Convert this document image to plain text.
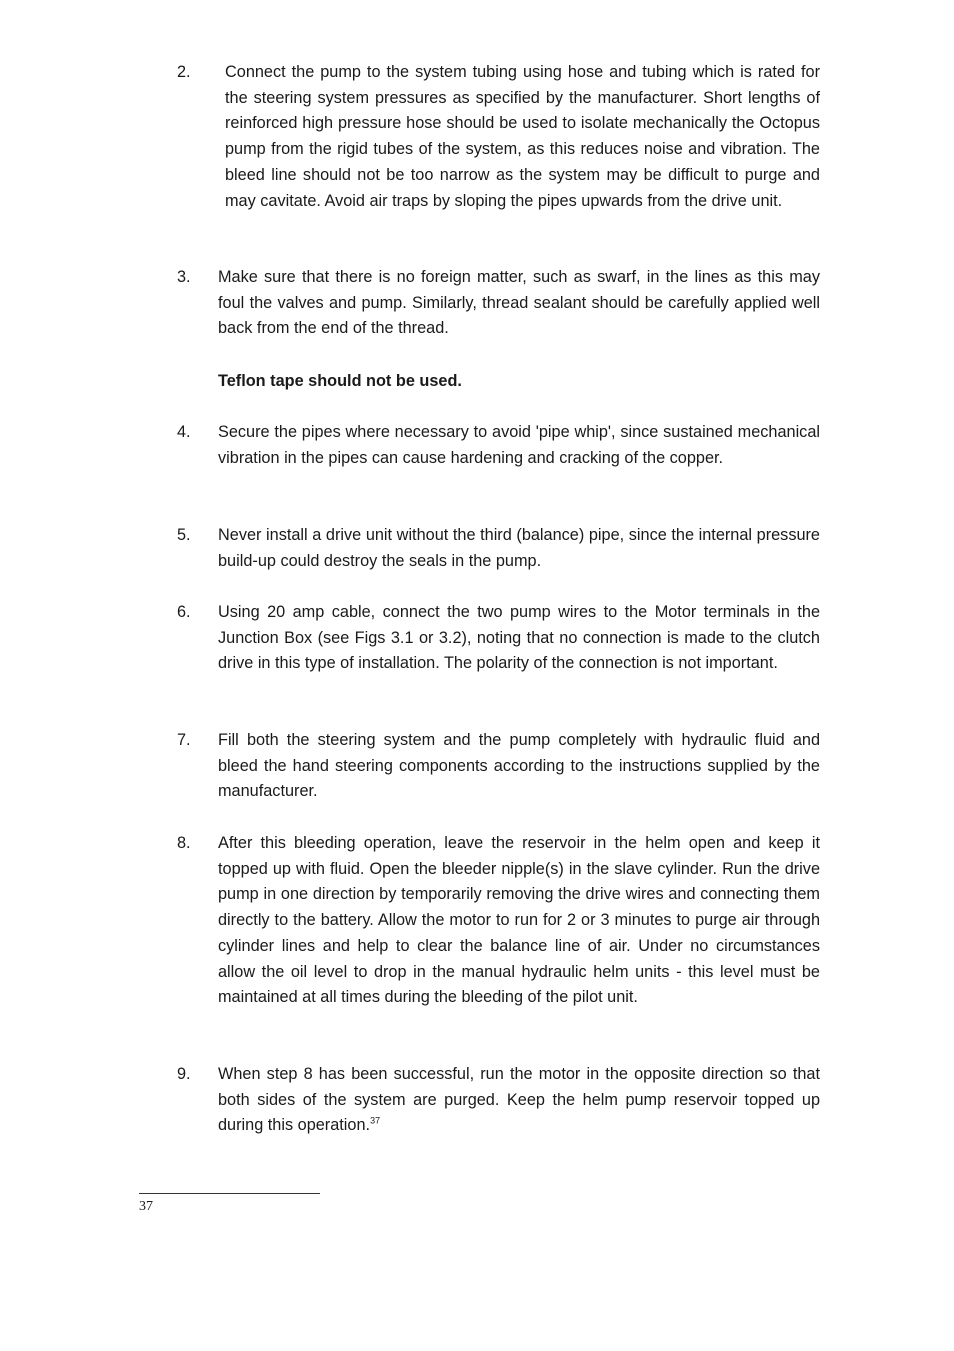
2. Connect the pump to the system tubing using hose and tubing which is rated for the steering system pressures as specified by the manufacturer. Short lengths of reinforced high pressure hose should be used to isolate mechanically the Octopus pump from the rigid tubes of the system, as this reduces noise and vibration. The bleed line should not be too narrow as the system may be difficult to purge and may cavitate. Avoid air traps by sloping the pipes upwards from the drive unit.
3. Make sure that there is no foreign matter, such as swarf, in the lines as this may foul the valves and pump. Similarly, thread sealant should be carefully applied well back from the end of the thread.
Teflon tape should not be used.
4. Secure the pipes where necessary to avoid 'pipe whip', since sustained mechanical vibration in the pipes can cause hardening and cracking of the copper.
5. Never install a drive unit without the third (balance) pipe, since the internal pressure build-up could destroy the seals in the pump.
6. Using 20 amp cable, connect the two pump wires to the Motor terminals in the Junction Box (see Figs 3.1 or 3.2), noting that no connection is made to the clutch drive in this type of installation. The polarity of the connection is not important.
7. Fill both the steering system and the pump completely with hydraulic fluid and bleed the hand steering components according to the instructions supplied by the manufacturer.
8. After this bleeding operation, leave the reservoir in the helm open and keep it topped up with fluid. Open the bleeder nipple(s) in the slave cylinder. Run the drive pump in one direction by temporarily removing the drive wires and connecting them directly to the battery. Allow the motor to run for 2 or 3 minutes to purge air through cylinder lines and help to clear the balance line of air. Under no circumstances allow the oil level to drop in the manual hydraulic helm units - this level must be maintained at all times during the bleeding of the pilot unit.
9. When step 8 has been successful, run the motor in the opposite direction so that both sides of the system are purged. Keep the helm pump reservoir topped up during this operation.$^{37}$
37
